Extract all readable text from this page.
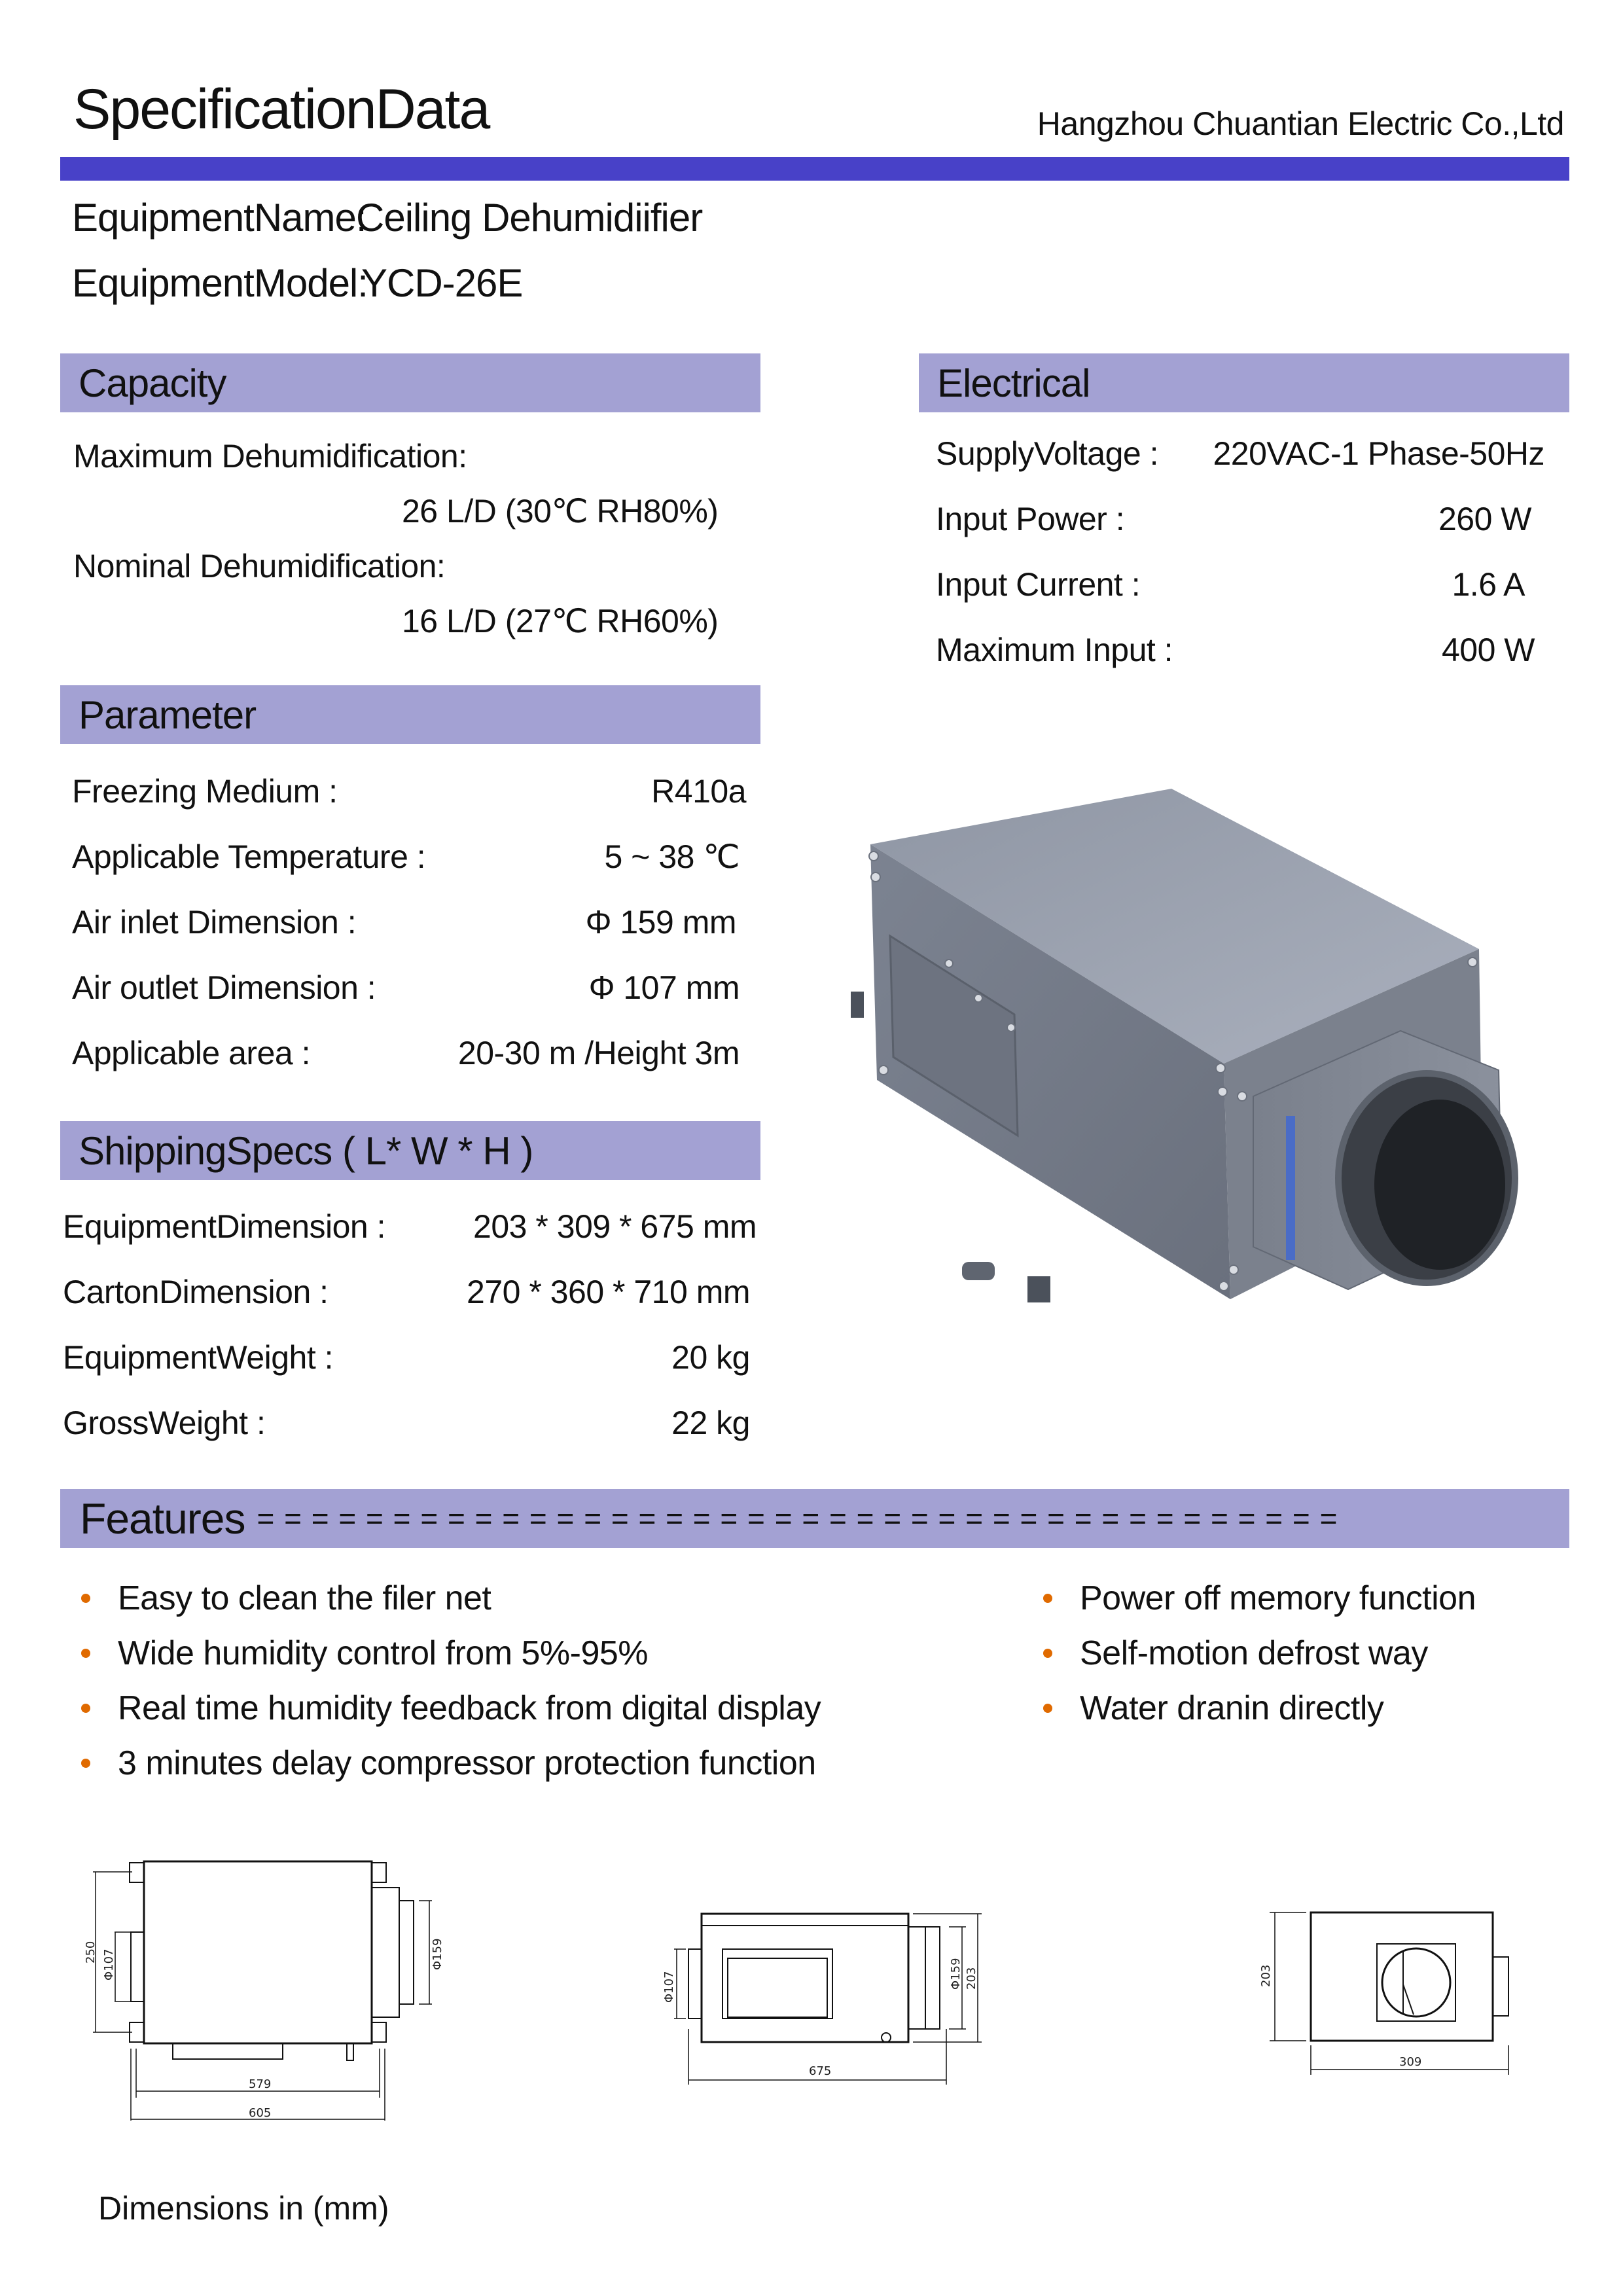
SpecificationData	Hangzhou Chuantian Electric Co.,Ltd
EquipmentName:Ceiling Dehumidiifier
EquipmentModel:YCD-26E
Capacity
Maximum Dehumidification:
26 L/D (30℃ RH80%)
Nominal Dehumidification:
16 L/D (27℃ RH60%)
Electrical
SupplyVoltage : 220VAC-1 Phase-50Hz
Input Power :	260 W
Input Current :	1.6 A
Maximum Input :	400 W
Parameter
Freezing Medium :	R410a
Applicable Temperature :	5 ~ 38 ℃
Air inlet Dimension :	Φ 159 mm
Air outlet Dimension :	Φ 107 mm
Applicable area :	20-30 m /Height 3m
ShippingSpecs ( L* W * H )
EquipmentDimension :	203 * 309 * 675 mm
CartonDimension :	270 * 360 * 710 mm
EquipmentWeight :	20 kg
GrossWeight :	22 kg
Features = = = = = = = = = = = = = = = = = = = = = = = = = = = = = = = = = = = = = = = =
Easy to clean the filer net
Wide humidity control from 5%-95%
Real time humidity feedback from digital display
3 minutes delay compressor protection function
Power off memory function
Self-motion defrost way
Water dranin directly
250 Φ107	Φ159
579
605
Φ107	Φ159 203
675
203
309
Dimensions in (mm)
